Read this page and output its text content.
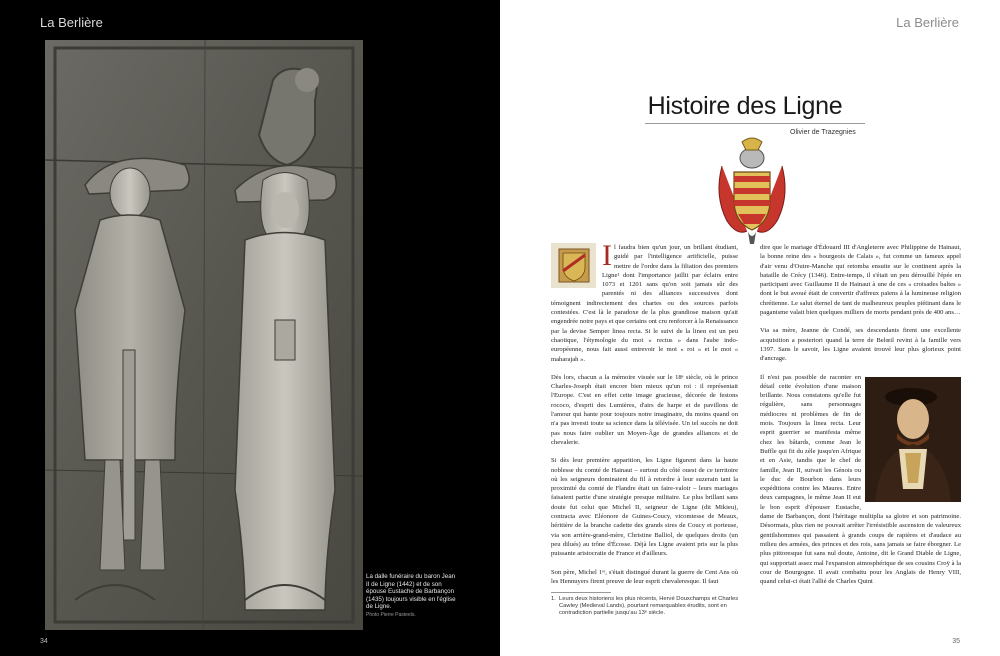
La Berlière
La dalle funéraire du baron Jean II de Ligne (1442) et de son épouse Eustache de Barbançon (1435) toujours visible en l'église de Ligne.
Photo Pierre Pasteels.
34
La Berlière
35
Histoire des Ligne
Olivier de Trazegnies

Il faudra bien qu'un jour, un brillant étudiant, guidé par l'intelligence artificielle, puisse mettre de l'ordre dans la filiation des premiers Ligne¹ dont l'importance jaillit par éclairs entre 1073 et 1201 sans qu'on soit jamais sûr des parentés ni des alliances successives dont témoignent indirectement des chartes ou des sources parfois contestées. C'est là le paradoxe de la plus grandiose maison qu'ait engendrée notre pays et que certains ont cru renforcer à la Renaissance par la devise Semper linea recta. Si le suivi de la lineα est un peu chaotique, l'étymologie du mot « rectus » dans l'aube indo-européenne, nous fait aussi entrevoir le mot « roi » et le mot « maharajah ».

Dès lors, chacun a la mémoire visuée sur le 18ᵉ siècle, où le prince Charles-Joseph était encore bien mieux qu'un roi : il représentait l'Europe. C'est en effet cette image gracieuse, décorée de festons rococo, d'esprit des Lumières, d'airs de harpe et de pavillons de l'amour qui hante pour toujours notre imaginaire, du moins quand on n'a pas investi toute sa science dans la télévisée. Un tel succès ne doit pas nous faire oublier un Moyen-Âge de grandes alliances et de chevalerie.

Si dès leur première apparition, les Ligne figurent dans la haute noblesse du comté de Hainaut – surtout du côté ouest de ce territoire où les seigneurs dominaient du fil à retordre à leur suzerain tant la proximité du comté de Flandre était un faire-valoir – leurs mariages faisaient partie d'une stratégie presque militaire. Le plus brillant sans doute fut celui que Michel II, seigneur de Ligne (dit Mikieu), contracta avec Eléonore de Guines-Coucy, vicomtesse de Meaux, héritière de la branche cadette des grands sires de Coucy et porteuse, via son arrière-grand-mère, Christine Balliol, de quelques droits (un peu dilués) au trône d'Écosse. Déjà les Ligne avaient pris sur la plus puissante aristocratie de France et d'ailleurs.

Son père, Michel 1ᵉʳ, s'était distingué durant la guerre de Cent Ans où les Hennuyers firent preuve de leur esprit chevaleresque. Il faut

dire que le mariage d'Édouard III d'Angleterre avec Philippine de Hainaut, la bonne reine des « bourgeois de Calais », fut comme un fameux appel d'air venu d'Outre-Manche qui retomba ensuite sur le continent après la bataille de Crécy (1346). Entre-temps, il s'était un peu dérouillé l'épée en participant avec Guillaume II de Hainaut à une de ces « croisades baltes » dont le but avoué était de convertir d'affreux païens à la lumineuse religion chrétienne. Le salut éternel de tant de malheureux peuples piétinant dans le paganisme valait bien quelques milliers de morts pendant près de 400 ans…

Via sa mère, Jeanne de Condé, ses descendants firent une excellente acquisition a posteriori quand la terre de Belœil revint à la famille vers 1397. Sans le savoir, les Ligne avaient trouvé leur plus glorieux point d'ancrage.

Il n'est pas possible de raconter en détail cette évolution d'une maison brillante. Nous constatons qu'elle fut régulière, sans personnages médiocres ni problèmes de fin de mois. Toujours la linea recta. Leur esprit guerrier se manifesta même chez les bâtards, comme Jean le Buffle qui fit du zèle jusqu'en Afrique et en Asie, tandis que le chef de famille, Jean II, suivait les Génois ou le duc de Bourbon dans leurs expéditions contre les Maures. Entre deux campagnes, le même Jean II eut le bon esprit d'épouser Eustache, dame de Barbançon, dont l'héritage multiplia sa gloire et son patrimoine. Désormais, plus rien ne pouvait arrêter l'irrésistible ascension de valeureux gentilshommes qui passaient à grands coups de rapières et d'audace au milieu des armées, des princes et des rois, sans jamais se faire éborgner. Le plus pittoresque fut sans nul doute, Antoine, dit le Grand Diable de Ligne, qui supportait assez mal l'expansion atmosphérique de ses cousins Croÿ à la cour de Bourgogne. Il avait combattu pour les Anglais de Henry VIII, quand celui-ci était l'allié de Charles Quint

1. Leurs deux historiens les plus récents, Hervé Douxchamps et Charles Cawley (Medieval Lands), pourtant remarquables érudits, sont en contradiction partielle jusqu'au 13ᵉ siècle.
